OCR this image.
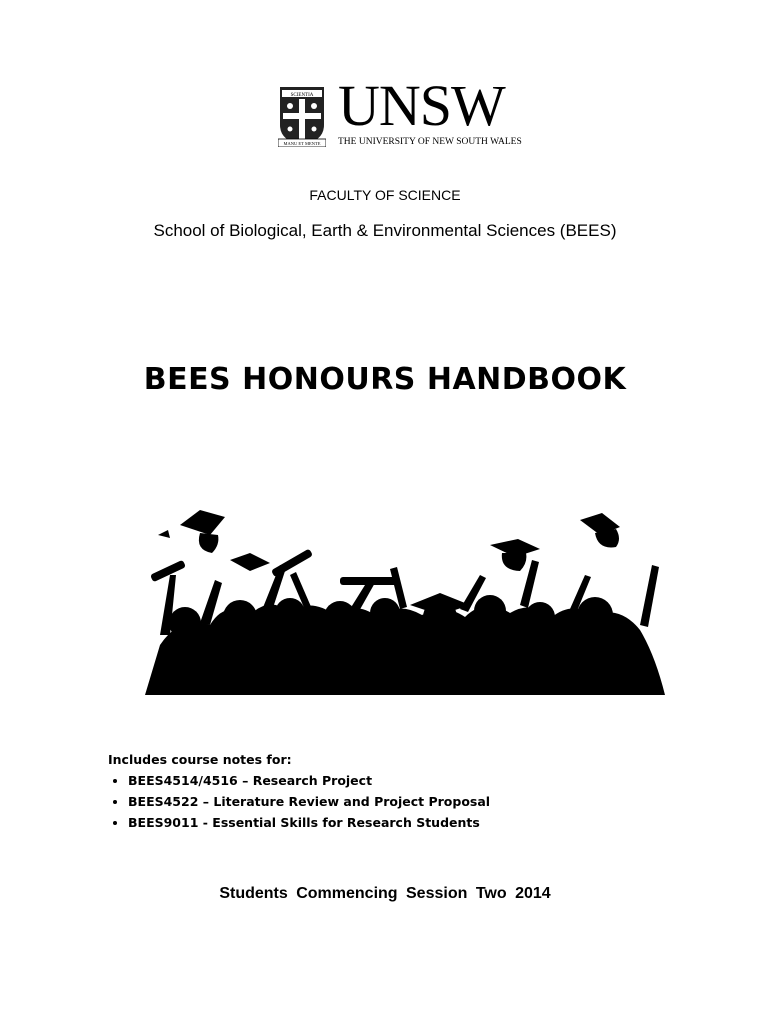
SCIENTIA
MANU ET MENTE
UNSW
THE UNIVERSITY OF NEW SOUTH WALES
FACULTY OF SCIENCE
School of Biological, Earth & Environmental Sciences (BEES)
BEES HONOURS HANDBOOK
Includes course notes for:
• BEES4514/4516 – Research Project
• BEES4522 – Literature Review and Project Proposal
• BEES9011 - Essential Skills for Research Students
Students Commencing Session Two 2014
